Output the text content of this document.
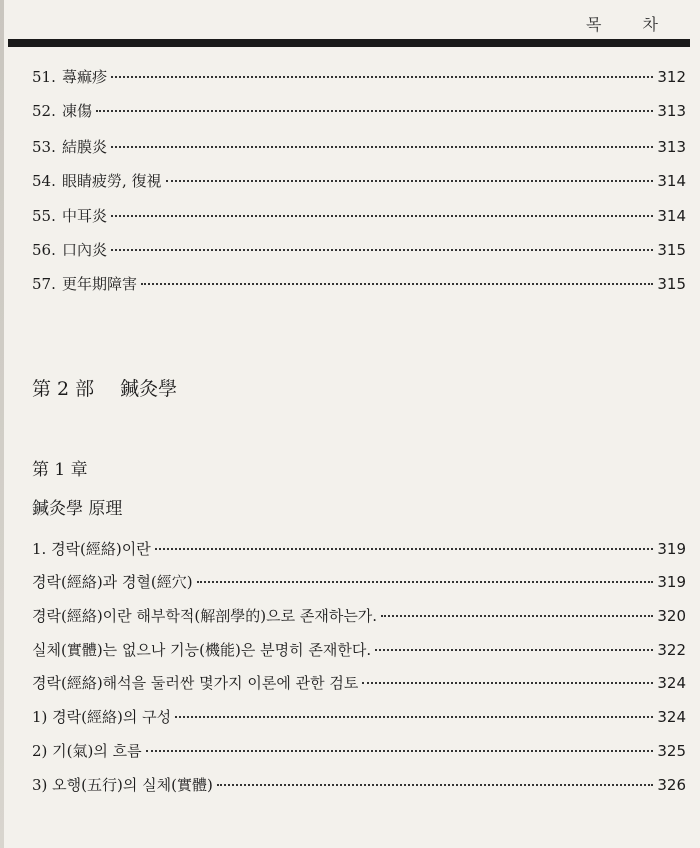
목 차
51. 蕁痲疹	312
52. 凍傷	313
53. 結膜炎	313
54. 眼睛疲勞, 復視	314
55. 中耳炎	314
56. 口內炎	315
57. 更年期障害	315
第 2 部 鍼灸學
第 1 章
鍼灸學 原理
1. 경락(經絡)이란	319
경락(經絡)과 경혈(經穴)	319
경락(經絡)이란 해부학적(解剖學的)으로 존재하는가.	320
실체(實體)는 없으나 기능(機能)은 분명히 존재한다.	322
경락(經絡)해석을 둘러싼 몇가지 이론에 관한 검토	324
1) 경락(經絡)의 구성	324
2) 기(氣)의 흐름	325
3) 오행(五行)의 실체(實體)	326
